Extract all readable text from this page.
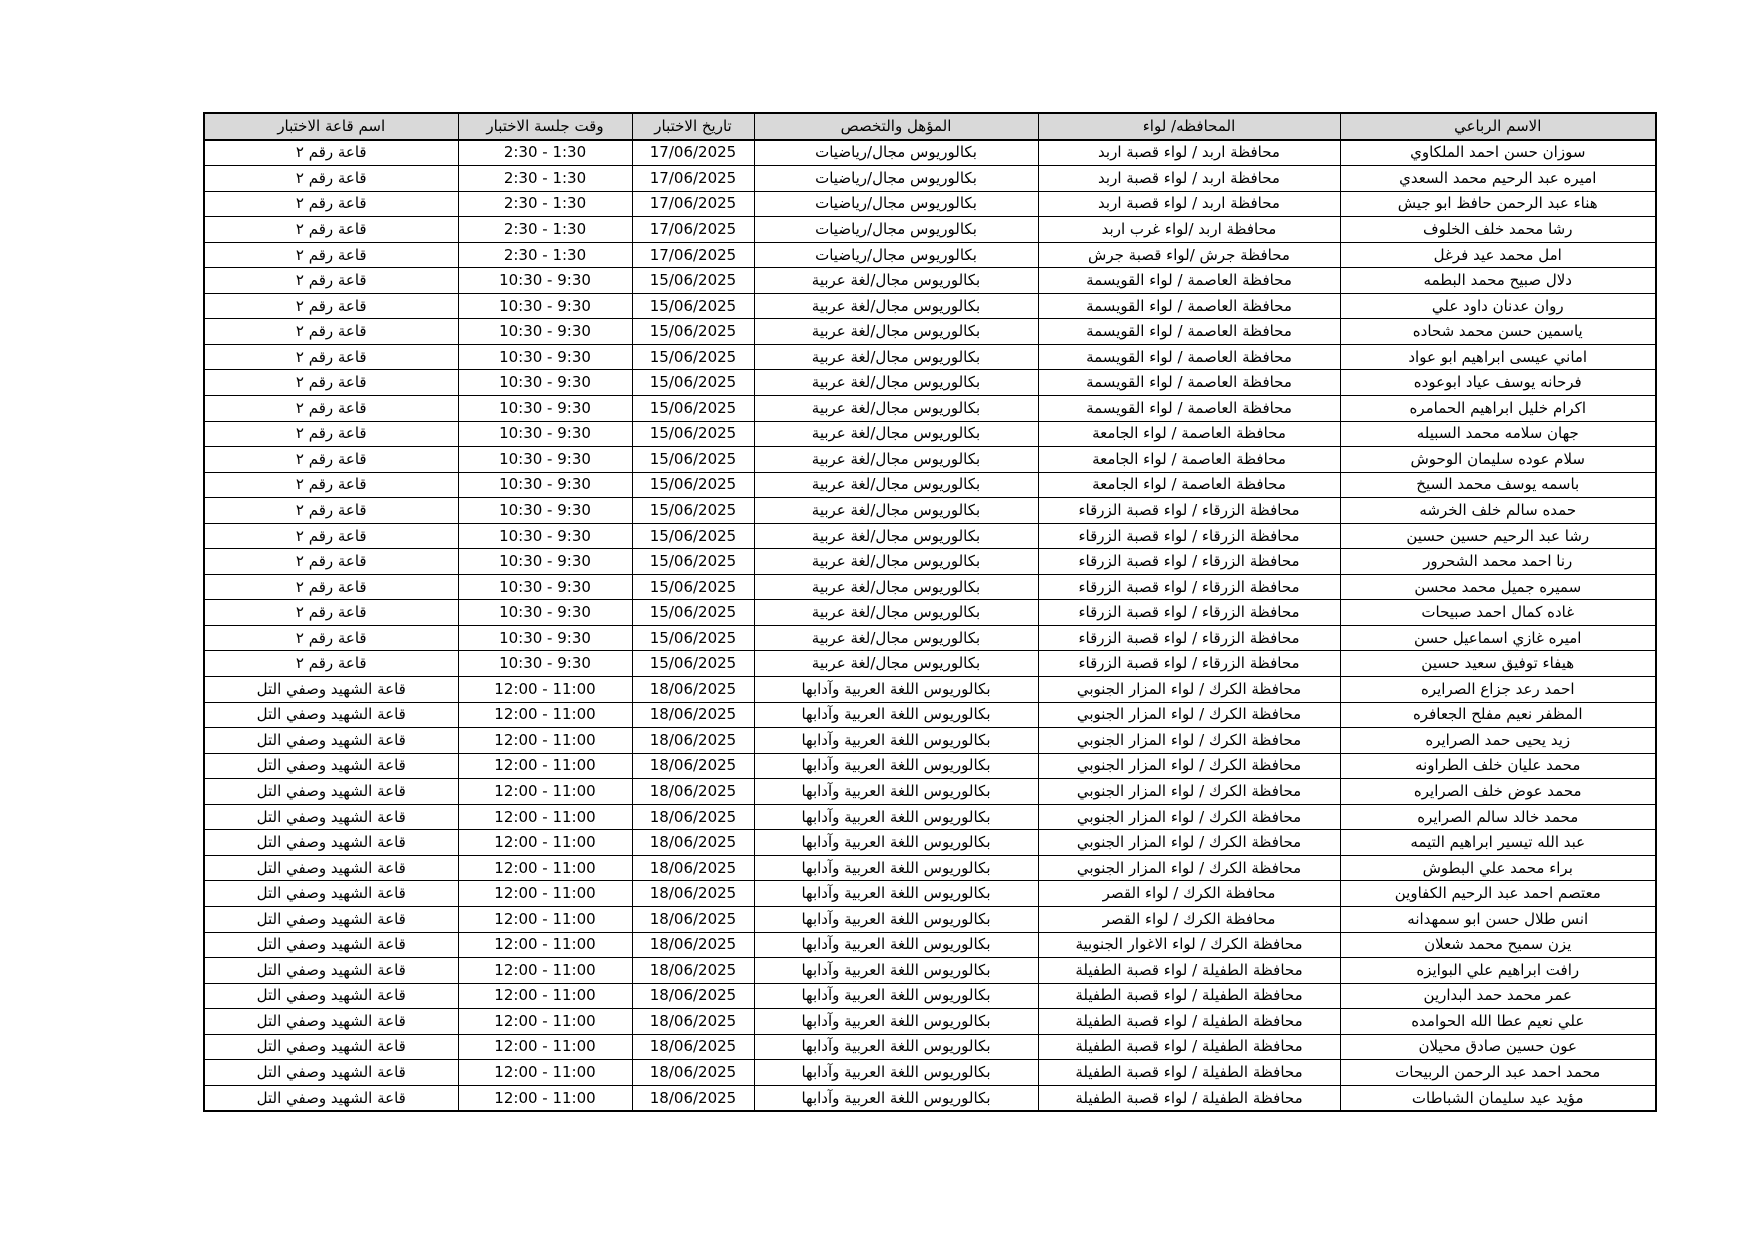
الاسم الرباعي	المحافظه/ لواء	المؤهل والتخصص	تاريخ الاختبار	وقت جلسة الاختبار	اسم قاعة الاختبار
سوزان حسن احمد الملكاوي	محافظة اربد / لواء قصبة اربد	بكالوريوس مجال/رياضيات	17/06/2025	2:30 - 1:30	قاعة رقم ٢
اميره عبد الرحيم محمد السعدي	محافظة اربد / لواء قصبة اربد	بكالوريوس مجال/رياضيات	17/06/2025	2:30 - 1:30	قاعة رقم ٢
هناء عبد الرحمن حافظ ابو جيش	محافظة اربد / لواء قصبة اربد	بكالوريوس مجال/رياضيات	17/06/2025	2:30 - 1:30	قاعة رقم ٢
رشا محمد خلف الخلوف	محافظة اربد /لواء غرب اربد	بكالوريوس مجال/رياضيات	17/06/2025	2:30 - 1:30	قاعة رقم ٢
امل محمد عيد فرغل	محافظة جرش /لواء قصبة جرش	بكالوريوس مجال/رياضيات	17/06/2025	2:30 - 1:30	قاعة رقم ٢
دلال صبيح محمد البطمه	محافظة العاصمة / لواء القويسمة	بكالوريوس مجال/لغة عربية	15/06/2025	10:30 - 9:30	قاعة رقم ٢
روان عدنان داود علي	محافظة العاصمة / لواء القويسمة	بكالوريوس مجال/لغة عربية	15/06/2025	10:30 - 9:30	قاعة رقم ٢
ياسمين حسن محمد شحاده	محافظة العاصمة / لواء القويسمة	بكالوريوس مجال/لغة عربية	15/06/2025	10:30 - 9:30	قاعة رقم ٢
اماني عيسى ابراهيم ابو عواد	محافظة العاصمة / لواء القويسمة	بكالوريوس مجال/لغة عربية	15/06/2025	10:30 - 9:30	قاعة رقم ٢
فرحانه يوسف عياد ابوعوده	محافظة العاصمة / لواء القويسمة	بكالوريوس مجال/لغة عربية	15/06/2025	10:30 - 9:30	قاعة رقم ٢
اكرام خليل ابراهيم الحمامره	محافظة العاصمة / لواء القويسمة	بكالوريوس مجال/لغة عربية	15/06/2025	10:30 - 9:30	قاعة رقم ٢
جهان سلامه محمد السبيله	محافظة العاصمة / لواء الجامعة	بكالوريوس مجال/لغة عربية	15/06/2025	10:30 - 9:30	قاعة رقم ٢
سلام عوده سليمان الوحوش	محافظة العاصمة / لواء الجامعة	بكالوريوس مجال/لغة عربية	15/06/2025	10:30 - 9:30	قاعة رقم ٢
باسمه يوسف محمد السيخ	محافظة العاصمة / لواء الجامعة	بكالوريوس مجال/لغة عربية	15/06/2025	10:30 - 9:30	قاعة رقم ٢
حمده سالم خلف الخرشه	محافظة الزرقاء / لواء قصبة الزرقاء	بكالوريوس مجال/لغة عربية	15/06/2025	10:30 - 9:30	قاعة رقم ٢
رشا عبد الرحيم حسين حسين	محافظة الزرقاء / لواء قصبة الزرقاء	بكالوريوس مجال/لغة عربية	15/06/2025	10:30 - 9:30	قاعة رقم ٢
رنا احمد محمد الشحرور	محافظة الزرقاء / لواء قصبة الزرقاء	بكالوريوس مجال/لغة عربية	15/06/2025	10:30 - 9:30	قاعة رقم ٢
سميره جميل محمد محسن	محافظة الزرقاء / لواء قصبة الزرقاء	بكالوريوس مجال/لغة عربية	15/06/2025	10:30 - 9:30	قاعة رقم ٢
غاده كمال احمد صبيحات	محافظة الزرقاء / لواء قصبة الزرقاء	بكالوريوس مجال/لغة عربية	15/06/2025	10:30 - 9:30	قاعة رقم ٢
اميره غازي اسماعيل حسن	محافظة الزرقاء / لواء قصبة الزرقاء	بكالوريوس مجال/لغة عربية	15/06/2025	10:30 - 9:30	قاعة رقم ٢
هيفاء توفيق سعيد حسين	محافظة الزرقاء / لواء قصبة الزرقاء	بكالوريوس مجال/لغة عربية	15/06/2025	10:30 - 9:30	قاعة رقم ٢
احمد رعد جزاع الصرايره	محافظة الكرك / لواء المزار الجنوبي	بكالوريوس اللغة العربية وآدابها	18/06/2025	12:00 - 11:00	قاعة الشهيد وصفي التل
المظفر نعيم مفلح الجعافره	محافظة الكرك / لواء المزار الجنوبي	بكالوريوس اللغة العربية وآدابها	18/06/2025	12:00 - 11:00	قاعة الشهيد وصفي التل
زيد يحيى حمد الصرايره	محافظة الكرك / لواء المزار الجنوبي	بكالوريوس اللغة العربية وآدابها	18/06/2025	12:00 - 11:00	قاعة الشهيد وصفي التل
محمد عليان خلف الطراونه	محافظة الكرك / لواء المزار الجنوبي	بكالوريوس اللغة العربية وآدابها	18/06/2025	12:00 - 11:00	قاعة الشهيد وصفي التل
محمد عوض خلف الصرايره	محافظة الكرك / لواء المزار الجنوبي	بكالوريوس اللغة العربية وآدابها	18/06/2025	12:00 - 11:00	قاعة الشهيد وصفي التل
محمد خالد سالم الصرايره	محافظة الكرك / لواء المزار الجنوبي	بكالوريوس اللغة العربية وآدابها	18/06/2025	12:00 - 11:00	قاعة الشهيد وصفي التل
عبد الله تيسير ابراهيم التيمه	محافظة الكرك / لواء المزار الجنوبي	بكالوريوس اللغة العربية وآدابها	18/06/2025	12:00 - 11:00	قاعة الشهيد وصفي التل
براء محمد علي البطوش	محافظة الكرك / لواء المزار الجنوبي	بكالوريوس اللغة العربية وآدابها	18/06/2025	12:00 - 11:00	قاعة الشهيد وصفي التل
معتصم احمد عبد الرحيم الكفاوين	محافظة الكرك / لواء القصر	بكالوريوس اللغة العربية وآدابها	18/06/2025	12:00 - 11:00	قاعة الشهيد وصفي التل
انس طلال حسن ابو سمهدانه	محافظة الكرك / لواء القصر	بكالوريوس اللغة العربية وآدابها	18/06/2025	12:00 - 11:00	قاعة الشهيد وصفي التل
يزن سميح محمد شعلان	محافظة الكرك / لواء الاغوار الجنوبية	بكالوريوس اللغة العربية وآدابها	18/06/2025	12:00 - 11:00	قاعة الشهيد وصفي التل
رافت ابراهيم علي البوايزه	محافظة الطفيلة / لواء قصبة الطفيلة	بكالوريوس اللغة العربية وآدابها	18/06/2025	12:00 - 11:00	قاعة الشهيد وصفي التل
عمر محمد حمد البدارين	محافظة الطفيلة / لواء قصبة الطفيلة	بكالوريوس اللغة العربية وآدابها	18/06/2025	12:00 - 11:00	قاعة الشهيد وصفي التل
علي نعيم عطا الله الحوامده	محافظة الطفيلة / لواء قصبة الطفيلة	بكالوريوس اللغة العربية وآدابها	18/06/2025	12:00 - 11:00	قاعة الشهيد وصفي التل
عون حسين صادق محيلان	محافظة الطفيلة / لواء قصبة الطفيلة	بكالوريوس اللغة العربية وآدابها	18/06/2025	12:00 - 11:00	قاعة الشهيد وصفي التل
محمد احمد عبد الرحمن الربيحات	محافظة الطفيلة / لواء قصبة الطفيلة	بكالوريوس اللغة العربية وآدابها	18/06/2025	12:00 - 11:00	قاعة الشهيد وصفي التل
مؤيد عيد سليمان الشباطات	محافظة الطفيلة / لواء قصبة الطفيلة	بكالوريوس اللغة العربية وآدابها	18/06/2025	12:00 - 11:00	قاعة الشهيد وصفي التل
